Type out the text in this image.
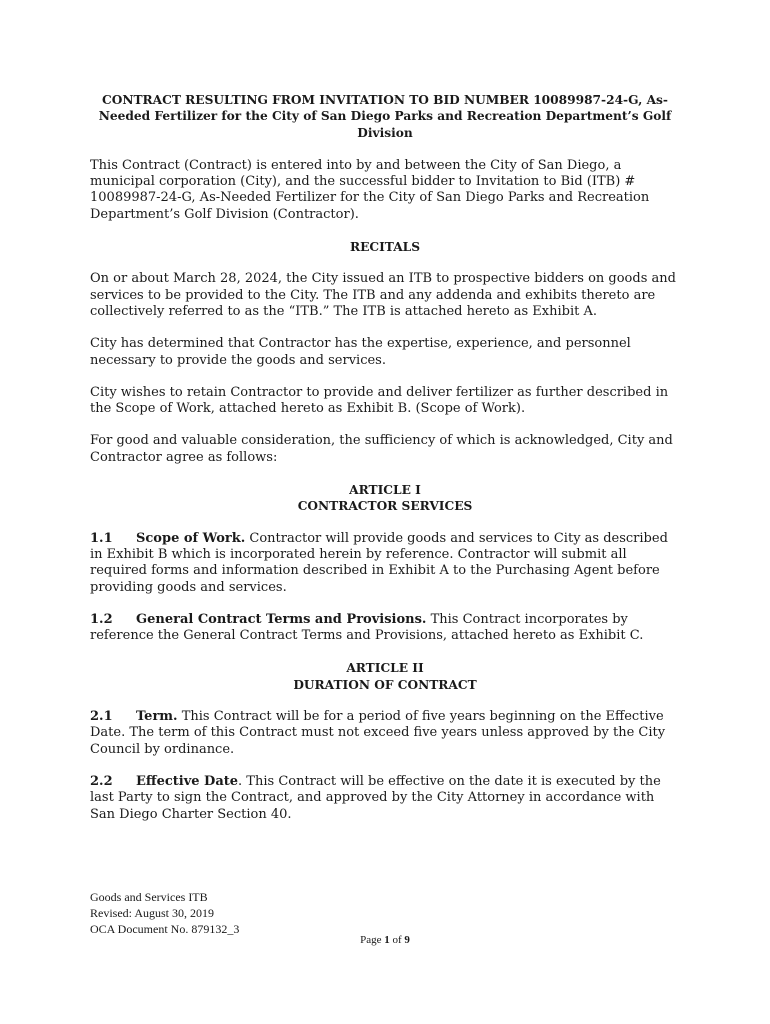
CONTRACT RESULTING FROM INVITATION TO BID NUMBER 10089987-24-G, As-Needed Fertilizer for the City of San Diego Parks and Recreation Department’s Golf Division
This Contract (Contract) is entered into by and between the City of San Diego, a municipal corporation (City), and the successful bidder to Invitation to Bid (ITB) # 10089987-24-G, As-Needed Fertilizer for the City of San Diego Parks and Recreation Department’s Golf Division (Contractor).
RECITALS
On or about March 28, 2024, the City issued an ITB to prospective bidders on goods and services to be provided to the City. The ITB and any addenda and exhibits thereto are collectively referred to as the “ITB.” The ITB is attached hereto as Exhibit A.
City has determined that Contractor has the expertise, experience, and personnel necessary to provide the goods and services.
City wishes to retain Contractor to provide and deliver fertilizer as further described in the Scope of Work, attached hereto as Exhibit B. (Scope of Work).
For good and valuable consideration, the sufficiency of which is acknowledged, City and Contractor agree as follows:
ARTICLE I
CONTRACTOR SERVICES
1.1 Scope of Work. Contractor will provide goods and services to City as described in Exhibit B which is incorporated herein by reference. Contractor will submit all required forms and information described in Exhibit A to the Purchasing Agent before providing goods and services.
1.2 General Contract Terms and Provisions. This Contract incorporates by reference the General Contract Terms and Provisions, attached hereto as Exhibit C.
ARTICLE II
DURATION OF CONTRACT
2.1 Term. This Contract will be for a period of five years beginning on the Effective Date. The term of this Contract must not exceed five years unless approved by the City Council by ordinance.
2.2 Effective Date. This Contract will be effective on the date it is executed by the last Party to sign the Contract, and approved by the City Attorney in accordance with San Diego Charter Section 40.
Goods and Services ITB
Revised: August 30, 2019
OCA Document No. 879132_3
Page 1 of 9
